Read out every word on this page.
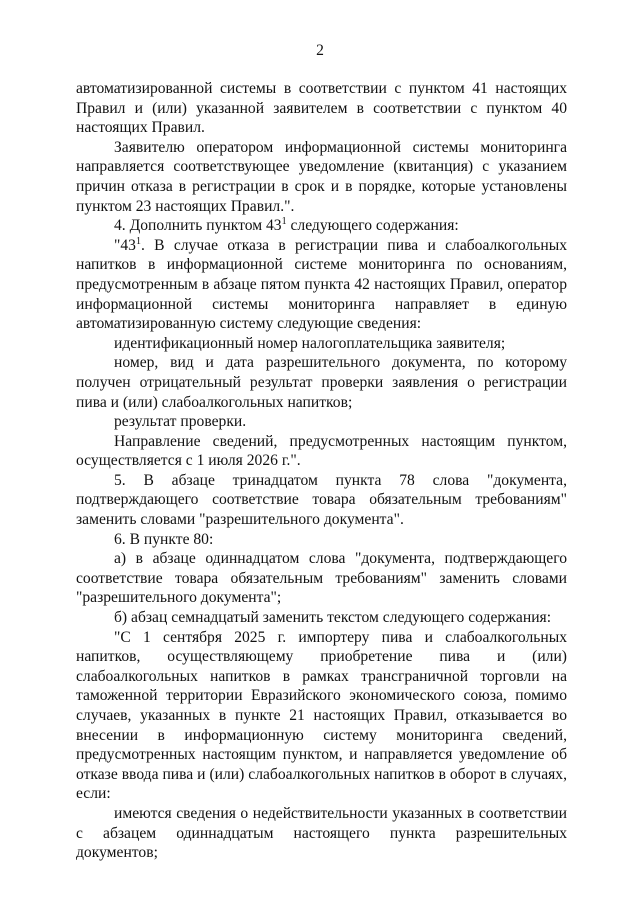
2

автоматизированной системы в соответствии с пунктом 41 настоящих Правил и (или) указанной заявителем в соответствии с пунктом 40 настоящих Правил.

Заявителю оператором информационной системы мониторинга направляется соответствующее уведомление (квитанция) с указанием причин отказа в регистрации в срок и в порядке, которые установлены пунктом 23 настоящих Правил.".

4. Дополнить пунктом $43^1$ следующего содержания:

"$43^1$. В случае отказа в регистрации пива и слабоалкогольных напитков в информационной системе мониторинга по основаниям, предусмотренным в абзаце пятом пункта 42 настоящих Правил, оператор информационной системы мониторинга направляет в единую автоматизированную систему следующие сведения:

идентификационный номер налогоплательщика заявителя;

номер, вид и дата разрешительного документа, по которому получен отрицательный результат проверки заявления о регистрации пива и (или) слабоалкогольных напитков;

результат проверки.

Направление сведений, предусмотренных настоящим пунктом, осуществляется с 1 июля 2026 г.".

5. В абзаце тринадцатом пункта 78 слова "документа, подтверждающего соответствие товара обязательным требованиям" заменить словами "разрешительного документа".

6. В пункте 80:

а) в абзаце одиннадцатом слова "документа, подтверждающего соответствие товара обязательным требованиям" заменить словами "разрешительного документа";

б) абзац семнадцатый заменить текстом следующего содержания:

"С 1 сентября 2025 г. импортеру пива и слабоалкогольных напитков, осуществляющему приобретение пива и (или) слабоалкогольных напитков в рамках трансграничной торговли на таможенной территории Евразийского экономического союза, помимо случаев, указанных в пункте 21 настоящих Правил, отказывается во внесении в информационную систему мониторинга сведений, предусмотренных настоящим пунктом, и направляется уведомление об отказе ввода пива и (или) слабоалкогольных напитков в оборот в случаях, если:

имеются сведения о недействительности указанных в соответствии с абзацем одиннадцатым настоящего пункта разрешительных документов;
